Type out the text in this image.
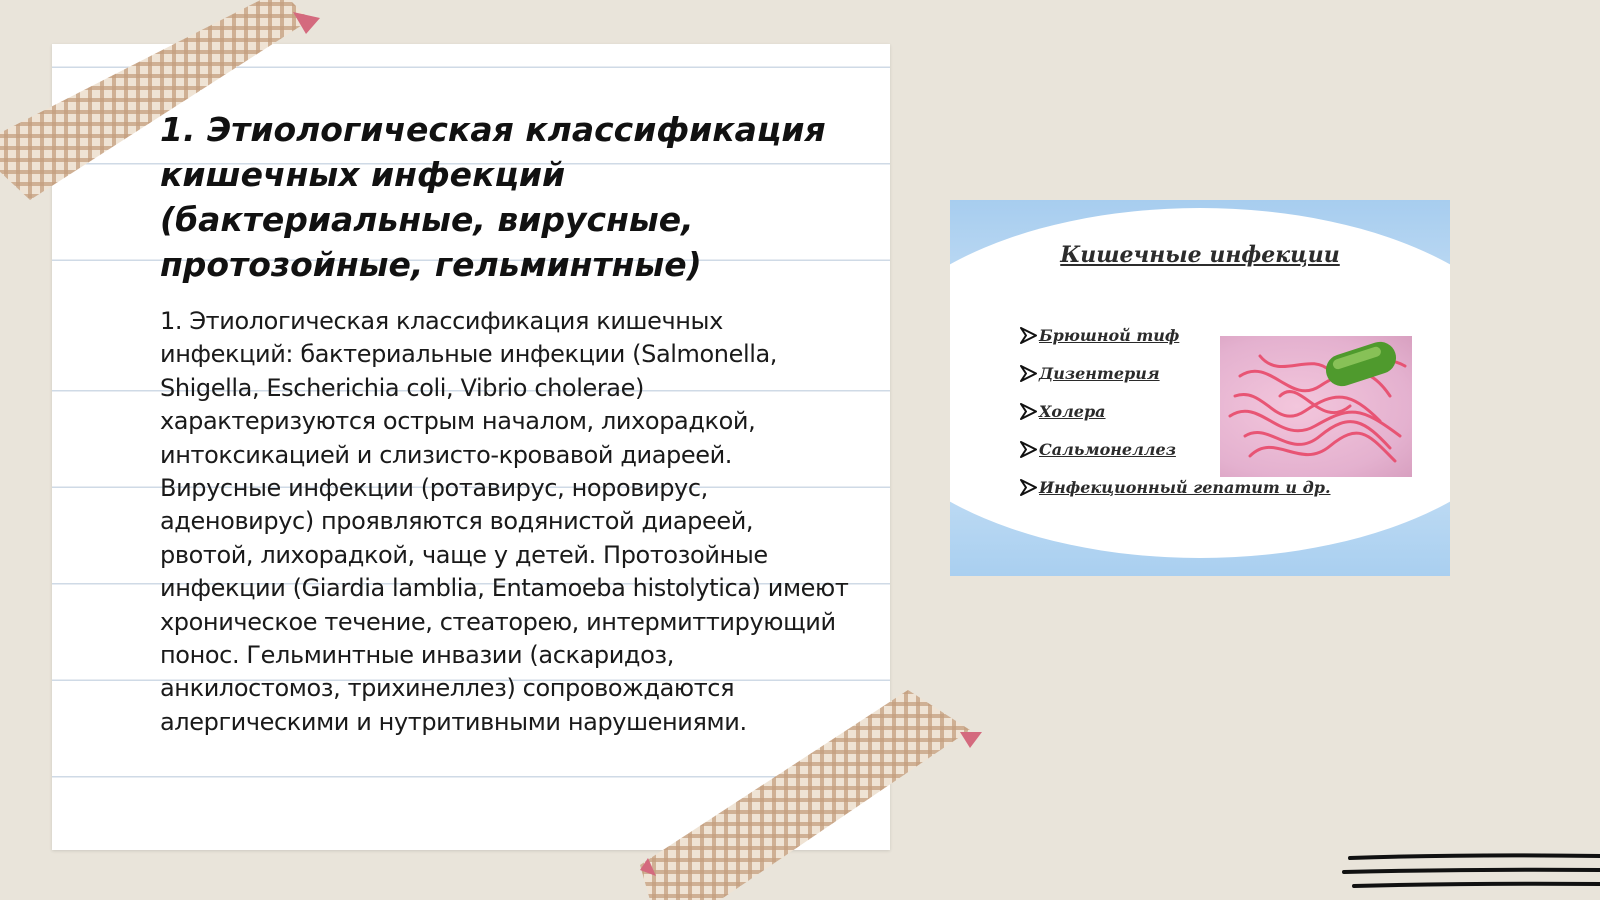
1. Этиологическая классификация кишечных инфекций (бактериальные, вирусные, протозойные, гельминтные)

1. Этиологическая классификация кишечных инфекций: бактериальные инфекции (Salmonella, Shigella, Escherichia coli, Vibrio cholerae) характеризуются острым началом, лихорадкой, интоксикацией и слизисто-кровавой диареей. Вирусные инфекции (ротавирус, норовирус, аденовирус) проявляются водянистой диареей, рвотой, лихорадкой, чаще у детей. Протозойные инфекции (Giardia lamblia, Entamoeba histolytica) имеют хроническое течение, стеаторею, интермиттирующий понос. Гельминтные инвазии (аскаридоз, анкилостомоз, трихинеллез) сопровождаются алергическими и нутритивными нарушениями.

Кишечные инфекции
Брюшной тиф
Дизентерия
Холера
Сальмонеллез
Инфекционный гепатит и др.
